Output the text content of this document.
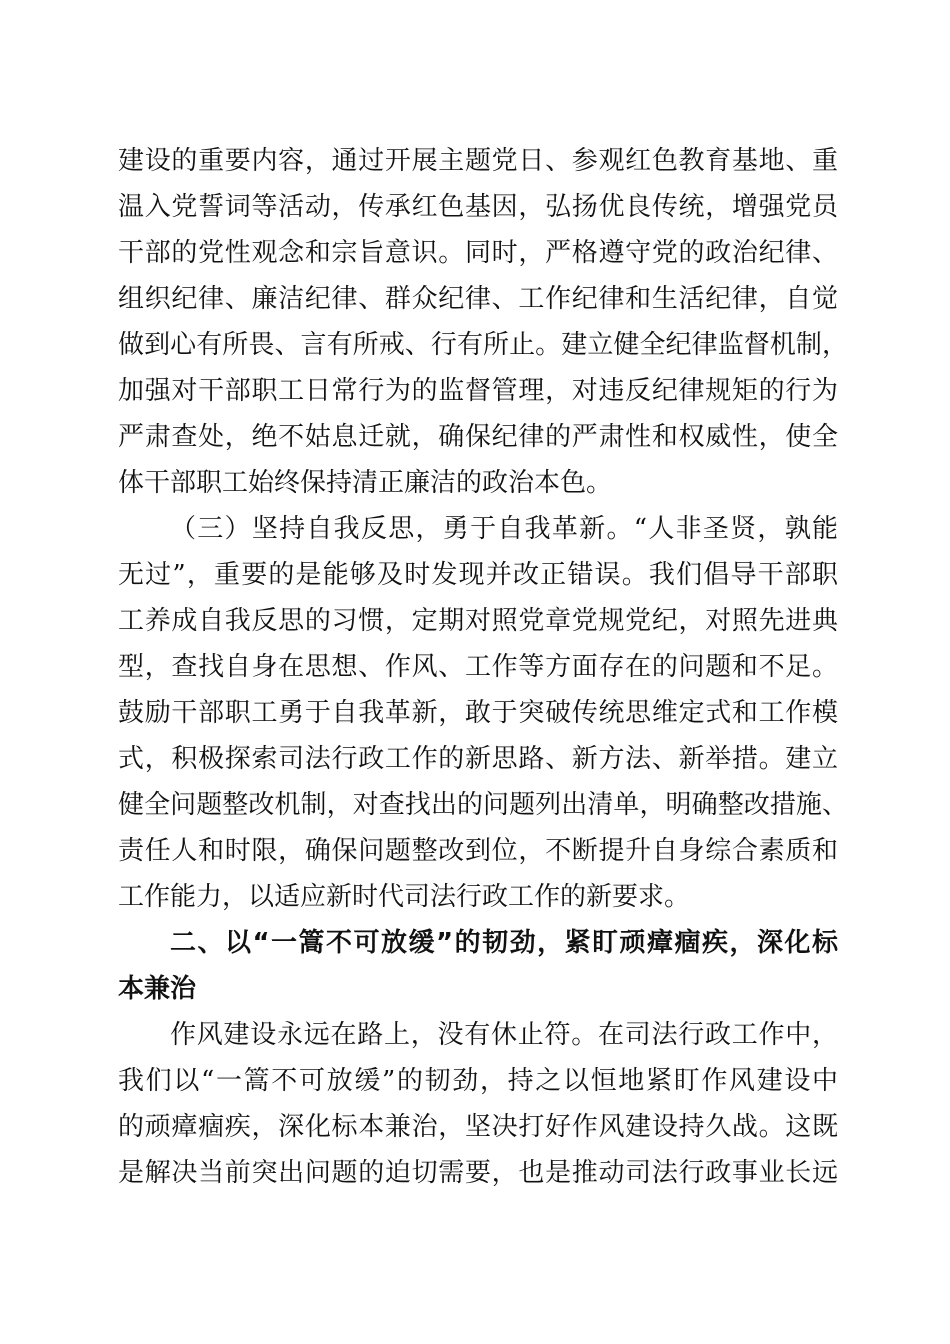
建设的重要内容，通过开展主题党日、参观红色教育基地、重
温入党誓词等活动，传承红色基因，弘扬优良传统，增强党员
干部的党性观念和宗旨意识。同时，严格遵守党的政治纪律、
组织纪律、廉洁纪律、群众纪律、工作纪律和生活纪律，自觉
做到心有所畏、言有所戒、行有所止。建立健全纪律监督机制，
加强对干部职工日常行为的监督管理，对违反纪律规矩的行为
严肃查处，绝不姑息迁就，确保纪律的严肃性和权威性，使全
体干部职工始终保持清正廉洁的政治本色。
（三）坚持自我反思，勇于自我革新。“人非圣贤，孰能
无过”，重要的是能够及时发现并改正错误。我们倡导干部职
工养成自我反思的习惯，定期对照党章党规党纪，对照先进典
型，查找自身在思想、作风、工作等方面存在的问题和不足。
鼓励干部职工勇于自我革新，敢于突破传统思维定式和工作模
式，积极探索司法行政工作的新思路、新方法、新举措。建立
健全问题整改机制，对查找出的问题列出清单，明确整改措施、
责任人和时限，确保问题整改到位，不断提升自身综合素质和
工作能力，以适应新时代司法行政工作的新要求。
二、以“一篙不可放缓”的韧劲，紧盯顽瘴痼疾，深化标
本兼治
作风建设永远在路上，没有休止符。在司法行政工作中，
我们以“一篙不可放缓”的韧劲，持之以恒地紧盯作风建设中
的顽瘴痼疾，深化标本兼治，坚决打好作风建设持久战。这既
是解决当前突出问题的迫切需要，也是推动司法行政事业长远
